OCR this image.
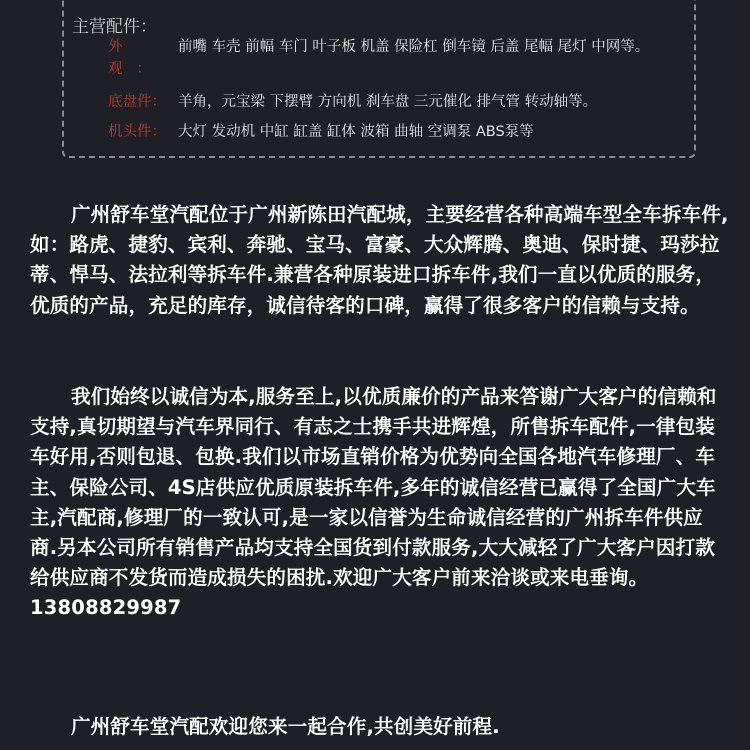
主营配件：
外　观：
前嘴 车壳 前幅 车门 叶子板 机盖 保险杠 倒车镜 后盖 尾幅 尾灯 中网等。
底盘件： 羊角，元宝梁 下摆臂 方向机 刹车盘 三元催化 排气管 转动轴等。
机头件： 大灯 发动机 中缸 缸盖 缸体 波箱 曲轴 空调泵 ABS泵等

广州舒车堂汽配位于广州新陈田汽配城，主要经营各种高端车型全车拆车件,如：路虎、捷豹、宾利、奔驰、宝马、富豪、大众辉腾、奥迪、保时捷、玛莎拉蒂、悍马、法拉利等拆车件.兼营各种原装进口拆车件,我们一直以优质的服务，优质的产品，充足的库存，诚信待客的口碑，赢得了很多客户的信赖与支持。

我们始终以诚信为本,服务至上,以优质廉价的产品来答谢广大客户的信赖和支持,真切期望与汽车界同行、有志之士携手共进辉煌，所售拆车配件,一律包装车好用,否则包退、包换.我们以市场直销价格为优势向全国各地汽车修理厂、车主、保险公司、4S店供应优质原装拆车件,多年的诚信经营已赢得了全国广大车主,汽配商,修理厂的一致认可,是一家以信誉为生命诚信经营的广州拆车件供应商.另本公司所有销售产品均支持全国货到付款服务,大大减轻了广大客户因打款给供应商不发货而造成损失的困扰.欢迎广大客户前来洽谈或来电垂询。13808829987

广州舒车堂汽配欢迎您来一起合作,共创美好前程.
